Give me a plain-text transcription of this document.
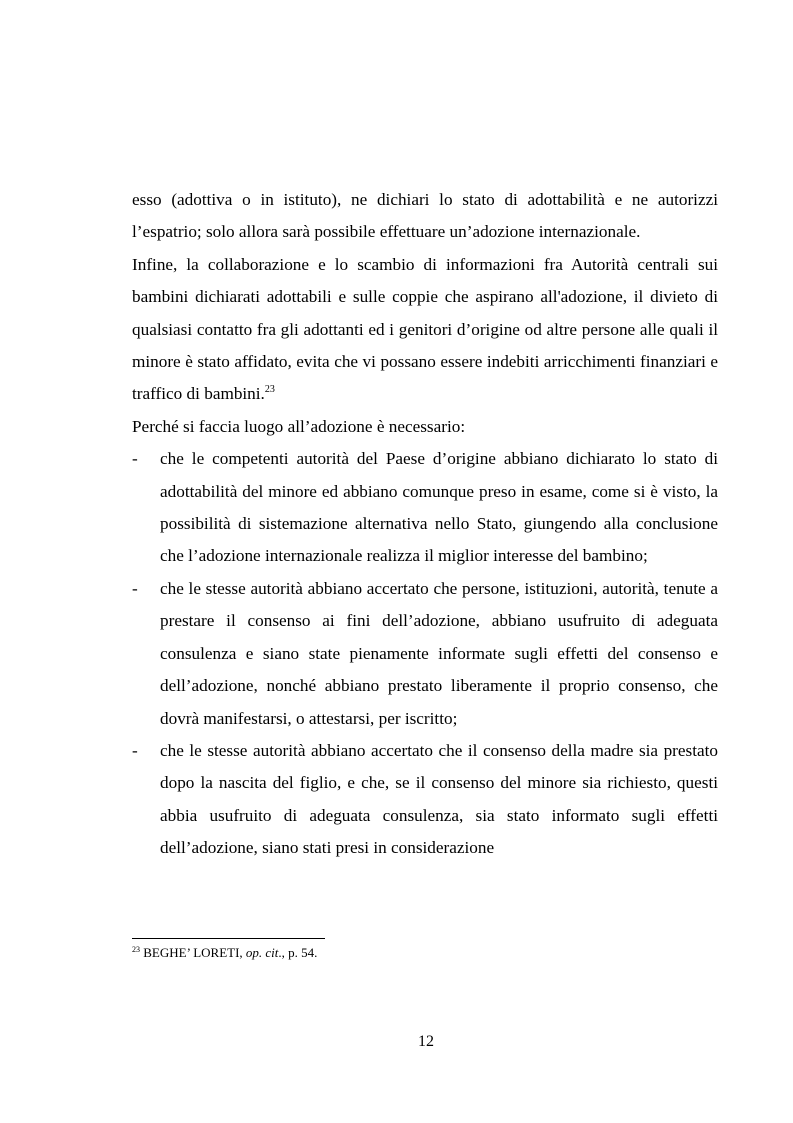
esso (adottiva o in istituto), ne dichiari lo stato di adottabilità e ne autorizzi l’espatrio; solo allora sarà possibile effettuare un’adozione internazionale.

Infine, la collaborazione e lo scambio di informazioni fra Autorità centrali sui bambini dichiarati adottabili e sulle coppie che aspirano all'adozione, il divieto di qualsiasi contatto fra gli adottanti ed i genitori d’origine od altre persone alle quali il minore è stato affidato, evita che vi possano essere indebiti arricchimenti finanziari e traffico di bambini.$^{23}$

Perché si faccia luogo all’adozione è necessario:

- che le competenti autorità del Paese d’origine abbiano dichiarato lo stato di adottabilità del minore ed abbiano comunque preso in esame, come si è visto, la possibilità di sistemazione alternativa nello Stato, giungendo alla conclusione che l’adozione internazionale realizza il miglior interesse del bambino;
- che le stesse autorità abbiano accertato che persone, istituzioni, autorità, tenute a prestare il consenso ai fini dell’adozione, abbiano usufruito di adeguata consulenza e siano state pienamente informate sugli effetti del consenso e dell’adozione, nonché abbiano prestato liberamente il proprio consenso, che dovrà manifestarsi, o attestarsi, per iscritto;
- che le stesse autorità abbiano accertato che il consenso della madre sia prestato dopo la nascita del figlio, e che, se il consenso del minore sia richiesto, questi abbia usufruito di adeguata consulenza, sia stato informato sugli effetti dell’adozione, siano stati presi in considerazione
$^{23}$ BEGHE’ LORETI, op. cit., p. 54.
12
